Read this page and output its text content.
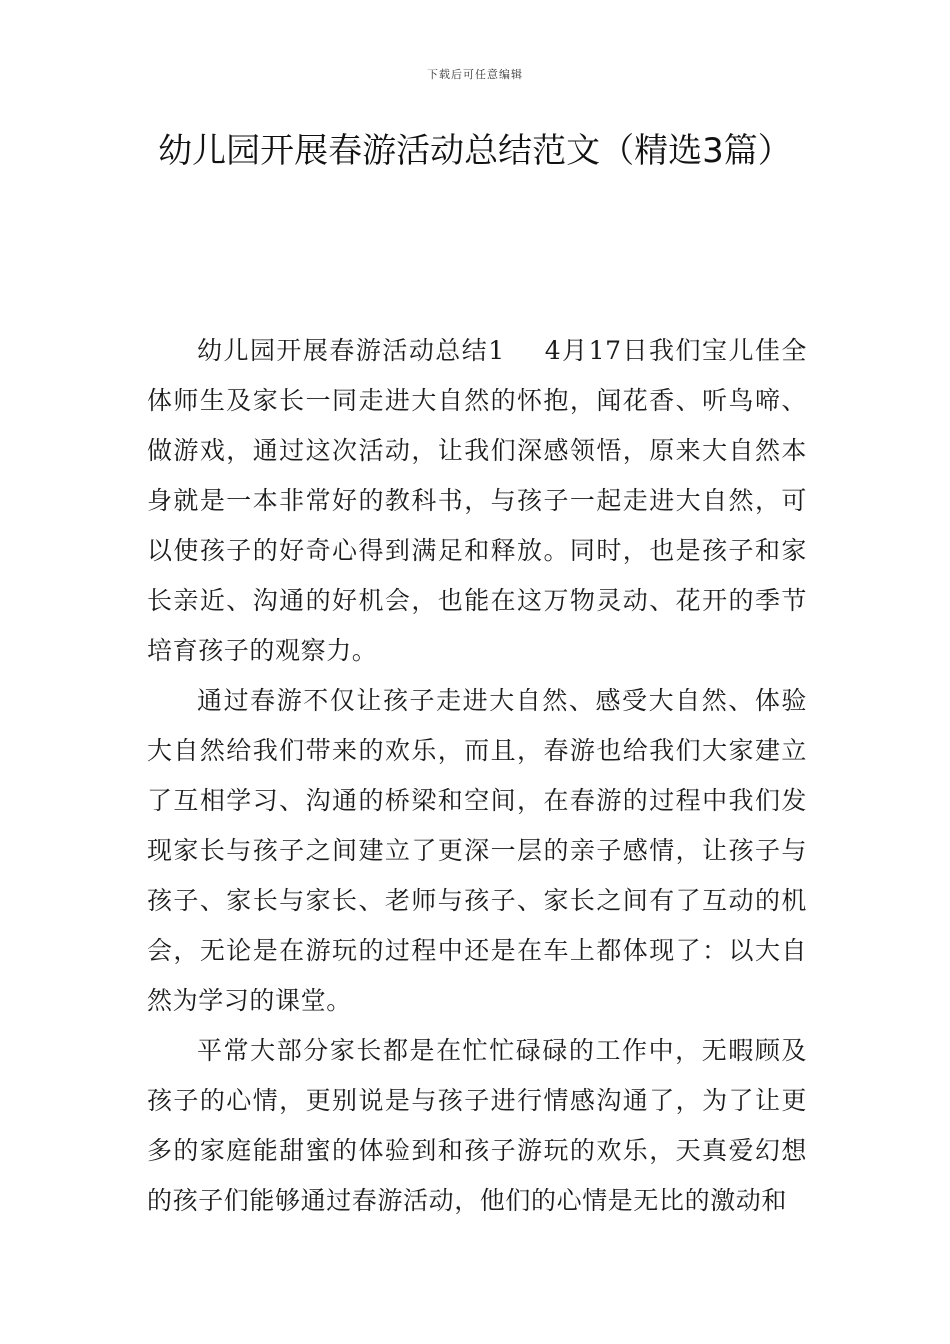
下载后可任意编辑
幼儿园开展春游活动总结范文（精选3篇）

幼儿园开展春游活动总结1 4月17日我们宝儿佳全体师生及家长一同走进大自然的怀抱，闻花香、听鸟啼、做游戏，通过这次活动，让我们深感领悟，原来大自然本身就是一本非常好的教科书，与孩子一起走进大自然，可以使孩子的好奇心得到满足和释放。同时，也是孩子和家长亲近、沟通的好机会，也能在这万物灵动、花开的季节培育孩子的观察力。

通过春游不仅让孩子走进大自然、感受大自然、体验大自然给我们带来的欢乐，而且，春游也给我们大家建立了互相学习、沟通的桥梁和空间，在春游的过程中我们发现家长与孩子之间建立了更深一层的亲子感情，让孩子与孩子、家长与家长、老师与孩子、家长之间有了互动的机会，无论是在游玩的过程中还是在车上都体现了：以大自然为学习的课堂。

平常大部分家长都是在忙忙碌碌的工作中，无暇顾及孩子的心情，更别说是与孩子进行情感沟通了，为了让更多的家庭能甜蜜的体验到和孩子游玩的欢乐，天真爱幻想的孩子们能够通过春游活动，他们的心情是无比的激动和
